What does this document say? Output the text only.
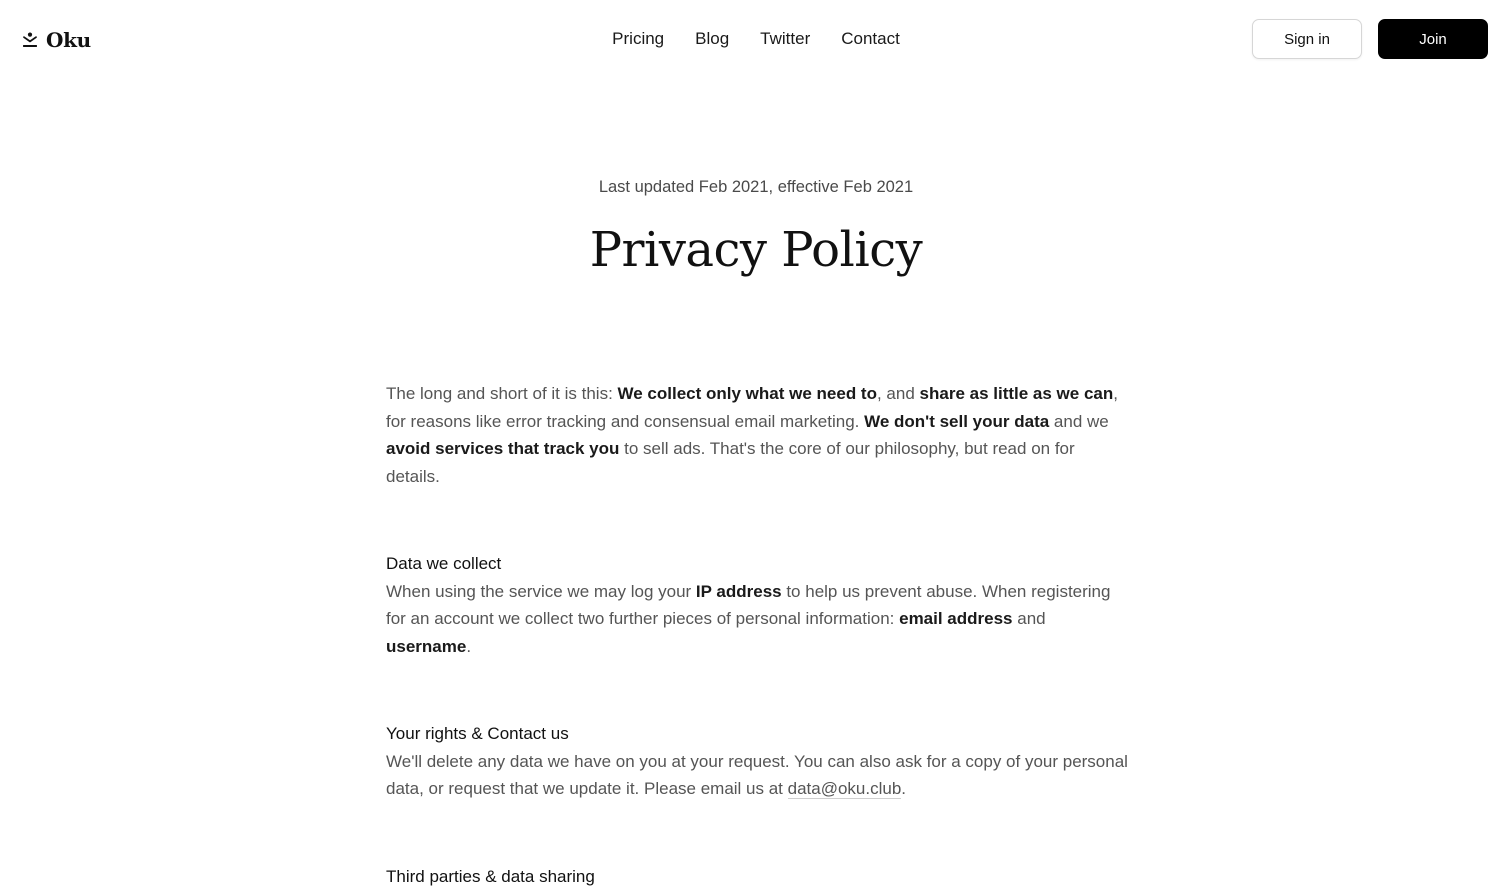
Oku	Pricing Blog Twitter Contact	Sign in	Join
Last updated Feb 2021, effective Feb 2021
Privacy Policy

The long and short of it is this: We collect only what we need to, and share as little as we can, for reasons like error tracking and consensual email marketing. We don't sell your data and we avoid services that track you to sell ads. That's the core of our philosophy, but read on for details.

Data we collect

When using the service we may log your IP address to help us prevent abuse. When registering for an account we collect two further pieces of personal information: email address and username.

Your rights & Contact us

We'll delete any data we have on you at your request. You can also ask for a copy of your personal data, or request that we update it. Please email us at data@oku.club.

Third parties & data sharing
